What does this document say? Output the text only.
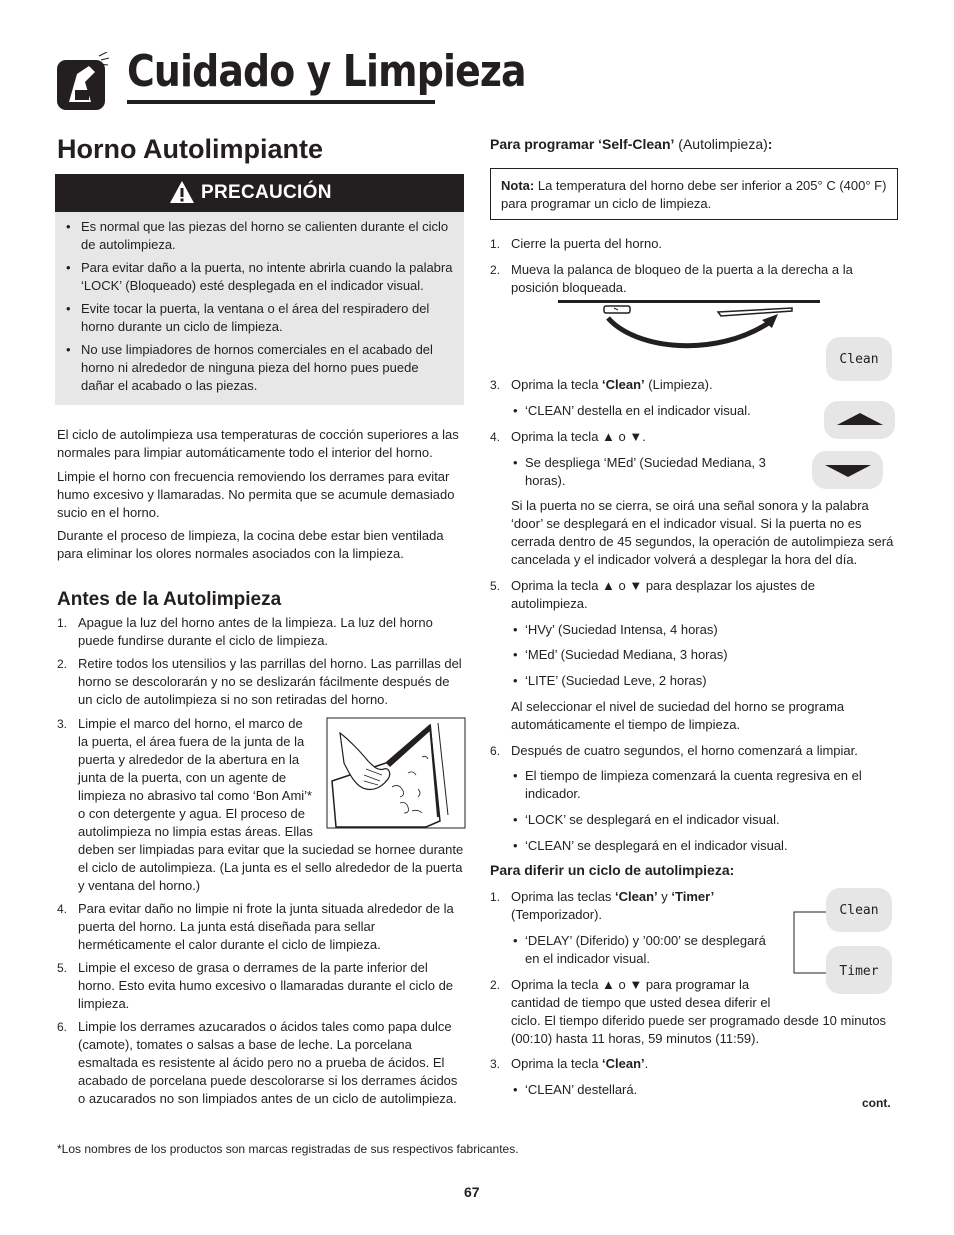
Cuidado y Limpieza
Horno Autolimpiante
PRECAUCIÓN
• Es normal que las piezas del horno se calienten durante el ciclo de autolimpieza.
• Para evitar daño a la puerta, no intente abrirla cuando la palabra ‘LOCK’ (Bloqueado) esté desplegada en el indicador visual.
• Evite tocar la puerta, la ventana o el área del respiradero del horno durante un ciclo de limpieza.
• No use limpiadores de hornos comerciales en el acabado del horno ni alrededor de ninguna pieza del horno pues puede dañar el acabado o las piezas.
El ciclo de autolimpieza usa temperaturas de cocción superiores a las normales para limpiar automáticamente todo el interior del horno.
Limpie el horno con frecuencia removiendo los derrames para evitar humo excesivo y llamaradas. No permita que se acumule demasiado sucio en el horno.
Durante el proceso de limpieza, la cocina debe estar bien ventilada para eliminar los olores normales asociados con la limpieza.
Antes de la Autolimpieza
1. Apague la luz del horno antes de la limpieza. La luz del horno puede fundirse durante el ciclo de limpieza.
2. Retire todos los utensilios y las parrillas del horno. Las parrillas del horno se descolorarán y no se deslizarán fácilmente después de un ciclo de autolimpieza si no son retiradas del horno.
3. Limpie el marco del horno, el marco de la puerta, el área fuera de la junta de la puerta y alrededor de la abertura en la junta de la puerta, con un agente de limpieza no abrasivo tal como ‘Bon Ami’* o con detergente y agua. El proceso de autolimpieza no limpia estas áreas. Ellas deben ser limpiadas para evitar que la suciedad se hornee durante el ciclo de autolimpieza. (La junta es el sello alrededor de la puerta y ventana del horno.)
4. Para evitar daño no limpie ni frote la junta situada alrededor de la puerta del horno. La junta está diseñada para sellar herméticamente el calor durante el ciclo de limpieza.
5. Limpie el exceso de grasa o derrames de la parte inferior del horno. Esto evita humo excesivo o llamaradas durante el ciclo de limpieza.
6. Limpie los derrames azucarados o ácidos tales como papa dulce (camote), tomates o salsas a base de leche. La porcelana esmaltada es resistente al ácido pero no a prueba de ácidos. El acabado de porcelana puede descolorarse si los derrames ácidos o azucarados no son limpiados antes de un ciclo de autolimpieza.
Para programar ‘Self-Clean’ (Autolimpieza):
Nota: La temperatura del horno debe ser inferior a 205° C (400° F) para programar un ciclo de limpieza.
1. Cierre la puerta del horno.
2. Mueva la palanca de bloqueo de la puerta a la derecha a la posición bloqueada.
3. Oprima la tecla ‘Clean’ (Limpieza).
• ‘CLEAN’ destella en el indicador visual.
Clean
4. Oprima la tecla ▲ o ▼.
• Se despliega ‘MEd’ (Suciedad Mediana, 3 horas).
Si la puerta no se cierra, se oirá una señal sonora y la palabra ‘door’ se desplegará en el indicador visual. Si la puerta no es cerrada dentro de 45 segundos, la operación de autolimpieza será cancelada y el indicador volverá a desplegar la hora del día.
5. Oprima la tecla ▲ o ▼ para desplazar los ajustes de autolimpieza.
• ‘HVy’ (Suciedad Intensa, 4 horas)
• ‘MEd’ (Suciedad Mediana, 3 horas)
• ‘LITE’ (Suciedad Leve, 2 horas)
Al seleccionar el nivel de suciedad del horno se programa automáticamente el tiempo de limpieza.
6. Después de cuatro segundos, el horno comenzará a limpiar.
• El tiempo de limpieza comenzará la cuenta regresiva en el indicador.
• ‘LOCK’ se desplegará en el indicador visual.
• ‘CLEAN’ se desplegará en el indicador visual.
Para diferir un ciclo de autolimpieza:
1. Oprima las teclas ‘Clean’ y ‘Timer’ (Temporizador).
• ‘DELAY’ (Diferido) y ’00:00’ se desplegará en el indicador visual.
Clean
Timer
2. Oprima la tecla ▲ o ▼ para programar la cantidad de tiempo que usted desea diferir el
ciclo. El tiempo diferido puede ser programado desde 10 minutos (00:10) hasta 11 horas, 59 minutos (11:59).
3. Oprima la tecla ‘Clean’.
• ‘CLEAN’ destellará.
cont.
*Los nombres de los productos son marcas registradas de sus respectivos fabricantes.
67
